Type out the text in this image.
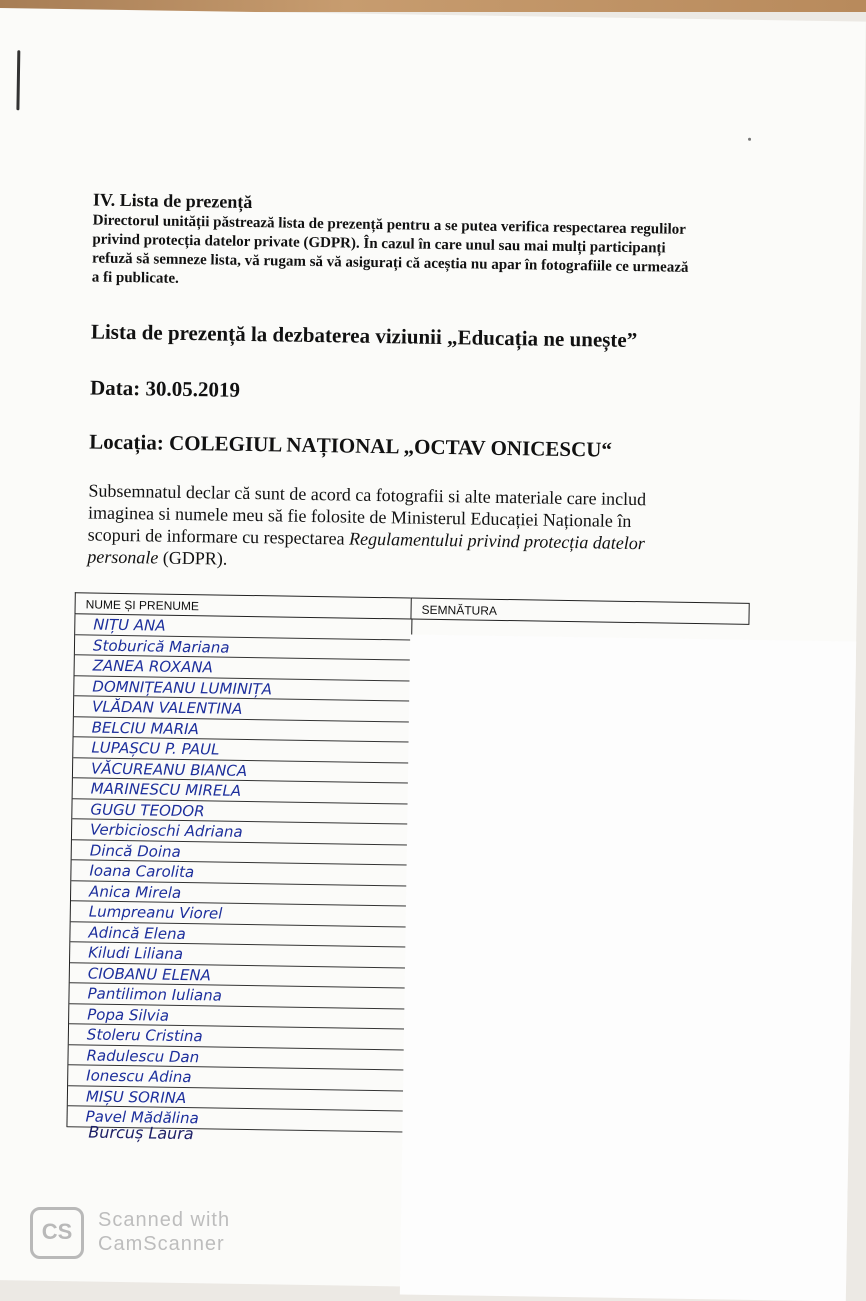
IV. Lista de prezență
Directorul unității păstrează lista de prezență pentru a se putea verifica respectarea regulilor privind protecția datelor private (GDPR). În cazul în care unul sau mai mulți participanți refuză să semneze lista, vă rugam să vă asigurați că aceștia nu apar în fotografiile ce urmează a fi publicate.
Lista de prezență la dezbaterea viziunii „Educația ne unește”
Data: 30.05.2019
Locația: COLEGIUL NAȚIONAL „OCTAV ONICESCU“
Subsemnatul declar că sunt de acord ca fotografii si alte materiale care includ imaginea si numele meu să fie folosite de Ministerul Educației Naționale în scopuri de informare cu respectarea Regulamentului privind protecția datelor personale (GDPR).
NUME ȘI PRENUME	SEMNĂTURA
NIȚU ANA
Stoburică Mariana
ZANEA ROXANA
DOMNIȚEANU LUMINIȚA
VLĂDAN VALENTINA
BELCIU MARIA
LUPAȘCU P. PAUL
VĂCUREANU BIANCA
MARINESCU MIRELA
GUGU TEODOR
Verbicioschi Adriana
Dincă Doina
Ioana Carolita
Anica Mirela
Lumpreanu Viorel
Adincă Elena
Kiludi Liliana
CIOBANU ELENA
Pantilimon Iuliana
Popa Silvia
Stoleru Cristina
Radulescu Dan
Ionescu Adina
MIȘU SORINA
Pavel Mădălina
Burcuș Laura
CS	Scanned with
CamScanner
